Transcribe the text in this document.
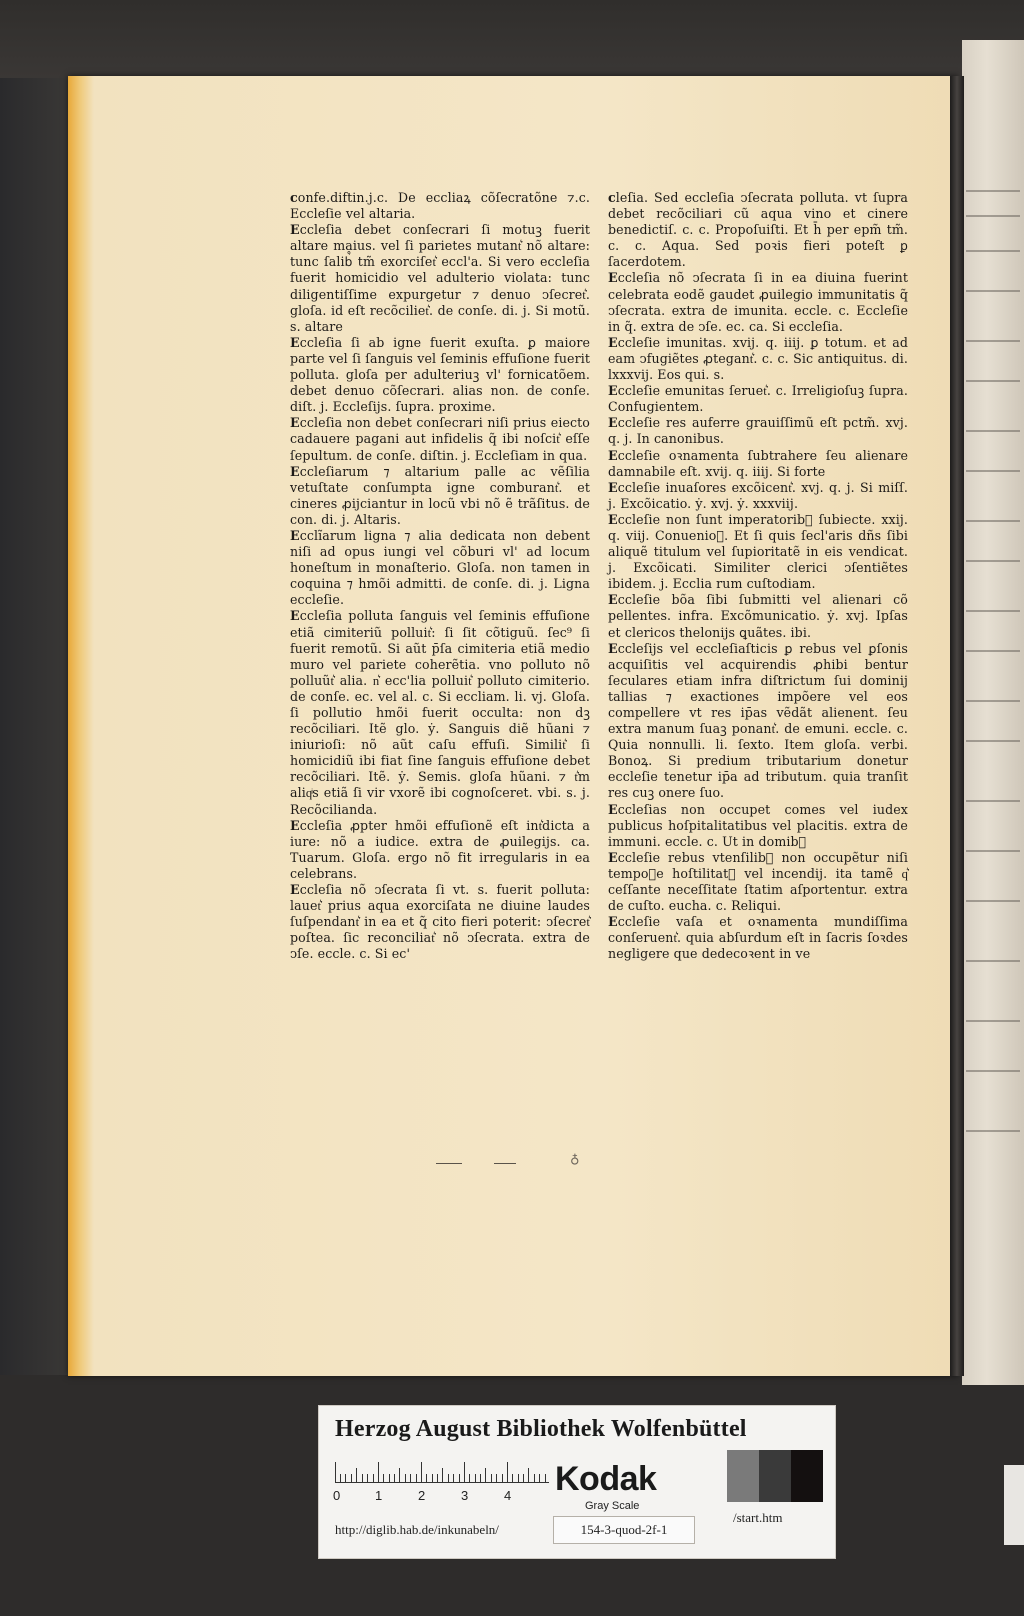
confe.diftin.j.c. De eccliaꝝ cõſecratõne ⁊.c. Eccleſie vel altaria.

Eccleſia debet conſecrari ſi motuꝫ fuerit altare maius. vel ſi parietes mutant͛ nõ altare: tunc ſalib᷒ tm̃ exorciſet͛ eccl'a. Si vero eccleſia fuerit homicidio vel adulterio violata: tunc diligentiſſime expurgetur ⁊ denuo ↄſecret͛. gloſa. id eſt recõciliet͛. de conſe. di. j. Si motũ. s. altare

Eccleſia ſi ab igne fuerit exuſta. ꝑ maiore parte vel ſi ſanguis vel ſeminis effuſione fuerit polluta. gloſa per adulteriuꝫ vl' fornicatõem. debet denuo cõſecrari. alias non. de conſe. diſt. j. Eccleſijs. ſupra. proxime.

Eccleſia non debet conſecrari niſi prius eiecto cadauere pagani aut infidelis q̃ ibi noſcit͛ eſſe ſepultum. de conſe. diſtin. j. Eccleſiam in qua.

Eccleſiarum ⁊ altarium palle ac vẽſilia vetuſtate conſumpta igne comburant͛. et cineres ꝓijciantur in locũ vbi nõ ẽ trãſitus. de con. di. j. Altaris.

Ecclĩarum ligna ⁊ alia dedicata non debent niſi ad opus iungi vel cõburi vl' ad locum honeſtum in monaſterio. Gloſa. non tamen in coquina ⁊ hmõi admitti. de conſe. di. j. Ligna eccleſie.

Eccleſia polluta ſanguis vel ſeminis effuſione etiã cimiteriũ polluit͛: ſi ſit cõtiguũ. ſec⁹ ſi fuerit remotũ. Si aũt p̄ſa cimiteria etiã medio muro vel pariete coherẽtia. vno polluto nõ polluũt͛ alia. n͛ ecc'lia polluit͛ polluto cimiterio. de conſe. ec. vel al. c. Si eccliam. li. vj. Gloſa. ſi pollutio hmõi fuerit occulta: non dꝫ recõciliari. Itẽ glo. ẏ. Sanguis diẽ hũani ⁊ iniurioſi: nõ aũt caſu effuſi. Similit͛ ſi homicidiũ ibi fiat ſine ſanguis effuſione debet recõciliari. Itẽ. ẏ. Semis. gloſa hũani. ⁊ t͛m aliqͥs etiã ſi vir vxorẽ ibi cognoſceret. vbi. s. j. Recõcilianda.

Eccleſia ꝓpter hmõi effuſionẽ eſt int͛dicta a iure: nõ a iudice. extra de ꝓuilegijs. ca. Tuarum. Gloſa. ergo nõ fit irregularis in ea celebrans.

Eccleſia nõ ↄſecrata ſi vt. s. fuerit polluta: lauet͛ prius aqua exorciſata ne diuine laudes ſuſpendant͛ in ea et q̃ cito fieri poterit: ↄſecret͛ poſtea. ſic reconciliat͛ nõ ↄſecrata. extra de ↄſe. eccle. c. Si ec'

cleſia. Sed eccleſia ↄſecrata polluta. vt ſupra debet recõciliari cũ aqua vino et cinere benedictiſ. c. c. Propoſuiſti. Et h̄ per epm̃ tm̃. c. c. Aqua. Sed poꝛis fieri poteſt ꝑ ſacerdotem.

Eccleſia nõ ↄſecrata ſi in ea diuina fuerint celebrata eodẽ gaudet ꝓuilegio immunitatis q̃ ↄſecrata. extra de imunita. eccle. c. Eccleſie in q̃. extra de ↄſe. ec. ca. Si eccleſia.

Eccleſie imunitas. xvij. q. iiij. ꝑ totum. et ad eam ↄfugiẽtes ꝓtegant͛. c. c. Sic antiquitus. di. lxxxvij. Eos qui. s.

Eccleſie emunitas ſeruet͛. c. Irreligioſuꝫ ſupra. Confugientem.

Eccleſie res auferre grauiſſimũ eſt pctm̃. xvj. q. j. In canonibus.

Eccleſie oꝛnamenta ſubtrahere ſeu alienare damnabile eſt. xvij. q. iiij. Si forte

Eccleſie inuaſores excõicent͛. xvj. q. j. Si miſſ. j. Excõicatio. ẏ. xvj. ẏ. xxxviij.

Eccleſie non ſunt imperatorib᷒ ſubiecte. xxij. q. viij. Conuenioꝛ. Et ſi quis ſecl'aris dñs ſibi aliquẽ titulum vel ſupioritatẽ in eis vendicat. j. Excõicati. Similiter clerici ↄſentiẽtes ibidem. j. Ecclia rum cuſtodiam.

Eccleſie bõa ſibi ſubmitti vel alienari cõ pellentes. infra. Excõmunicatio. ẏ. xvj. Ipſas et clericos thelonijs ꝗuãtes. ibi.

Eccleſijs vel eccleſiaſticis ꝑ rebus vel ꝑſonis acquiſitis vel acquirendis ꝓhibi bentur ſeculares etiam infra diſtrictum ſui dominij tallias ⁊ exactiones impõere vel eos compellere vt res ip̄as vẽdãt alienent. ſeu extra manum ſuaꝫ ponant͛. de emuni. eccle. c. Quia nonnulli. li. ſexto. Item gloſa. verbi. Bonoꝝ. Si predium tributarium donetur eccleſie tenetur ip̄a ad tributum. quia tranſit res cuꝫ onere ſuo.

Eccleſias non occupet comes vel iudex publicus hoſpitalitatibus vel placitis. extra de immuni. eccle. c. Ut in domib᷒

Eccleſie rebus vtenſilib᷒ non occupẽtur niſi tempoꝛe hoſtilitatꝫ vel incendij. ita tamẽ q͛ ceſſante neceſſitate ſtatim aſportentur. extra de cuſto. eucha. c. Reliqui.

Eccleſie vaſa et oꝛnamenta mundiſſima conſeruent͛. quia abſurdum eſt in ſacris ſoꝛdes negligere que dedecoꝛent in ve

♁
Herzog August Bibliothek Wolfenbüttel
0	1	2	3	4 Kodak
Gray Scale
http://diglib.hab.de/inkunabeln/	154-3-quod-2f-1
/start.htm
